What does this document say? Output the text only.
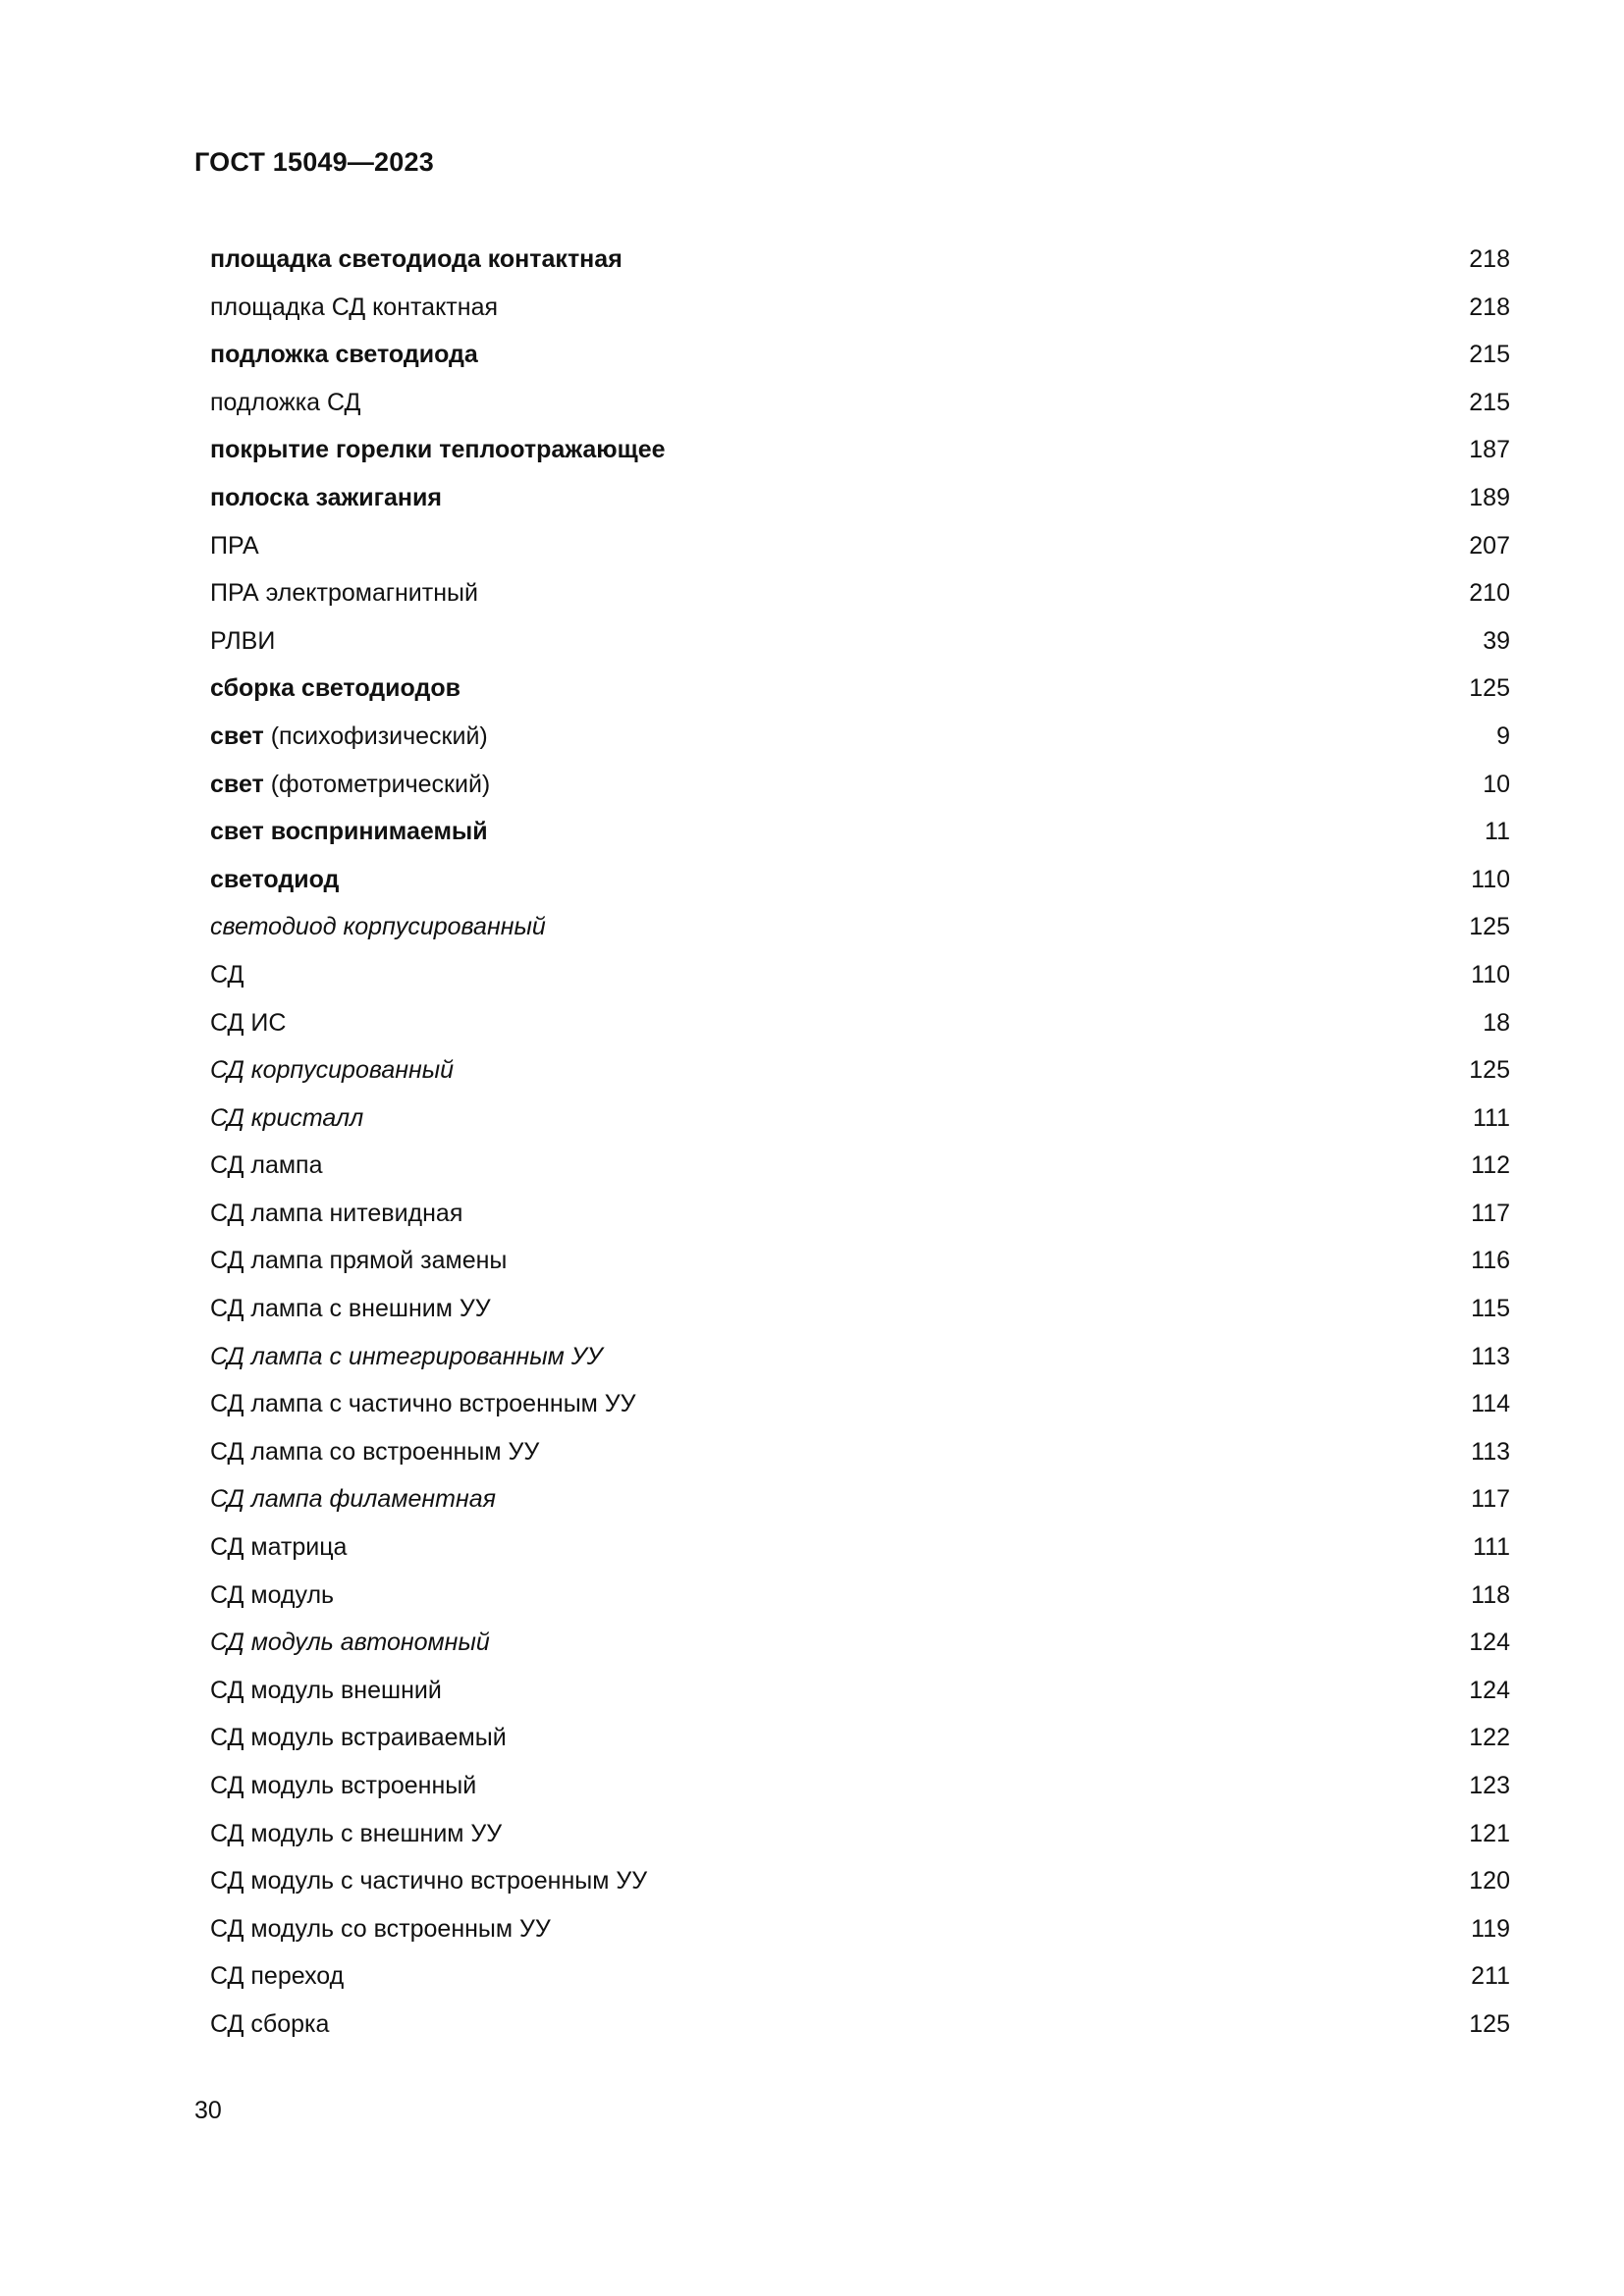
ГОСТ 15049—2023
площадка светодиода контактная	218
площадка СД контактная	218
подложка светодиода	215
подложка СД	215
покрытие горелки теплоотражающее	187
полоска зажигания	189
ПРА	207
ПРА электромагнитный	210
РЛВИ	39
сборка светодиодов	125
свет (психофизический)	9
свет (фотометрический)	10
свет воспринимаемый	11
светодиод	110
светодиод корпусированный	125
СД	110
СД ИС	18
СД корпусированный	125
СД кристалл	111
СД лампа	112
СД лампа нитевидная	117
СД лампа прямой замены	116
СД лампа с внешним УУ	115
СД лампа с интегрированным УУ	113
СД лампа с частично встроенным УУ	114
СД лампа со встроенным УУ	113
СД лампа филаментная	117
СД матрица	111
СД модуль	118
СД модуль автономный	124
СД модуль внешний	124
СД модуль встраиваемый	122
СД модуль встроенный	123
СД модуль с внешним УУ	121
СД модуль с частично встроенным УУ	120
СД модуль со встроенным УУ	119
СД переход	211
СД сборка	125
30
